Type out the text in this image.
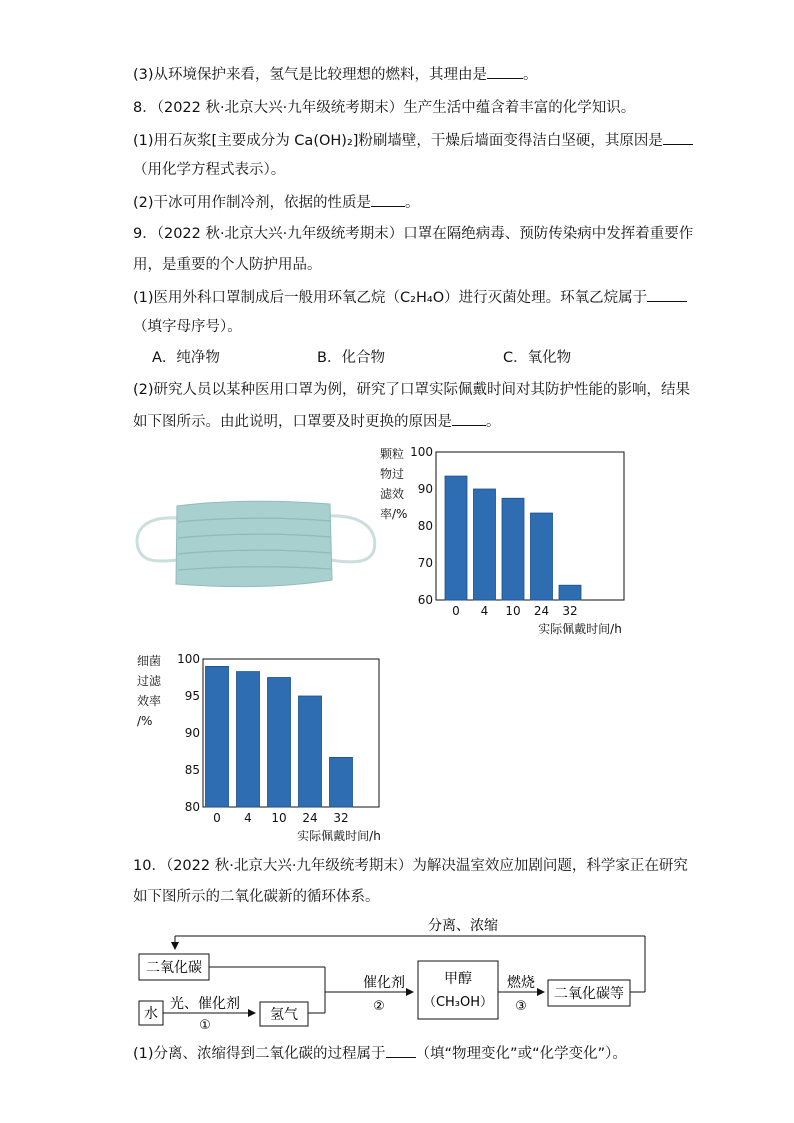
(3)从环境保护来看，氢气是比较理想的燃料，其理由是 。
8．（2022 秋·北京大兴·九年级统考期末）生产生活中蕴含着丰富的化学知识。
(1)用石灰浆[主要成分为 Ca(OH)₂]粉刷墙壁，干燥后墙面变得洁白坚硬，其原因是
（用化学方程式表示）。
(2)干冰可用作制冷剂，依据的性质是 。
9．（2022 秋·北京大兴·九年级统考期末）口罩在隔绝病毒、预防传染病中发挥着重要作
用，是重要的个人防护用品。
(1)医用外科口罩制成后一般用环氧乙烷（C₂H₄O）进行灭菌处理。环氧乙烷属于
（填字母序号）。
A．纯净物	B．化合物	C．氧化物
(2)研究人员以某种医用口罩为例，研究了口罩实际佩戴时间对其防护性能的影响，结果
如下图所示。由此说明，口罩要及时更换的原因是 。
60
70
80
90
100
颗粒
物过
滤效
率/%
0 4 10 24 32
实际佩戴时间/h
80
85
90
95
100
细菌
过滤
效率
/%
0 4 10 24 32
实际佩戴时间/h
10．（2022 秋·北京大兴·九年级统考期末）为解决温室效应加剧问题，科学家正在研究
如下图所示的二氧化碳新的循环体系。
分离、浓缩
二氧化碳
水
光、催化剂
①
氢气
催化剂
②
甲醇
（CH₃OH）
燃烧
③
二氧化碳等
(1)分离、浓缩得到二氧化碳的过程属于 （填“物理变化”或“化学变化”）。
